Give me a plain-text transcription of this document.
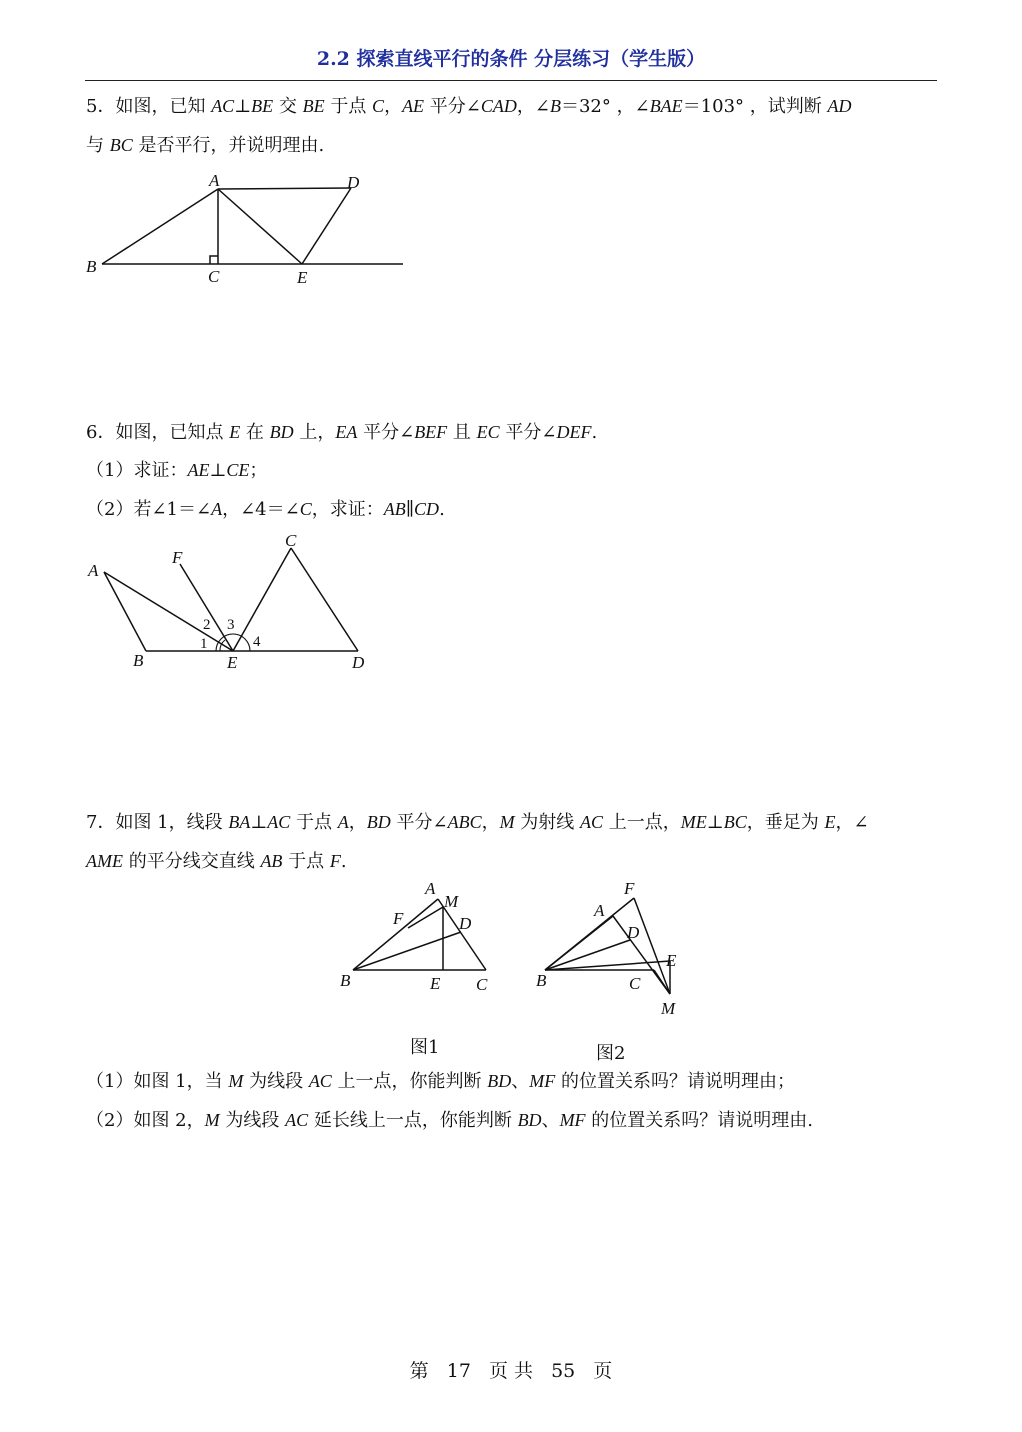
2.2 探索直线平行的条件 分层练习（学生版）
5．如图，已知 AC⊥BE 交 BE 于点 C，AE 平分∠CAD，∠B＝32° ，∠BAE＝103° ，试判断 AD
与 BC 是否平行，并说明理由.
A	D
B
C	E
6．如图，已知点 E 在 BD 上，EA 平分∠BEF 且 EC 平分∠DEF.
（1）求证：AE⊥CE；
（2）若∠1＝∠A，∠4＝∠C，求证：AB∥CD.
A
F
C
B	E	D
1
2 3
4
7．如图 1，线段 BA⊥AC 于点 A，BD 平分∠ABC，M 为射线 AC 上一点，ME⊥BC，垂足为 E，∠
AME 的平分线交直线 AB 于点 F.
A
M
F	D
B	E C
F
A
D
E
B	C
M
图1	图2
（1）如图 1，当 M 为线段 AC 上一点，你能判断 BD、MF 的位置关系吗？请说明理由；
（2）如图 2，M 为线段 AC 延长线上一点，你能判断 BD、MF 的位置关系吗？请说明理由.
第 17 页 共 55 页
